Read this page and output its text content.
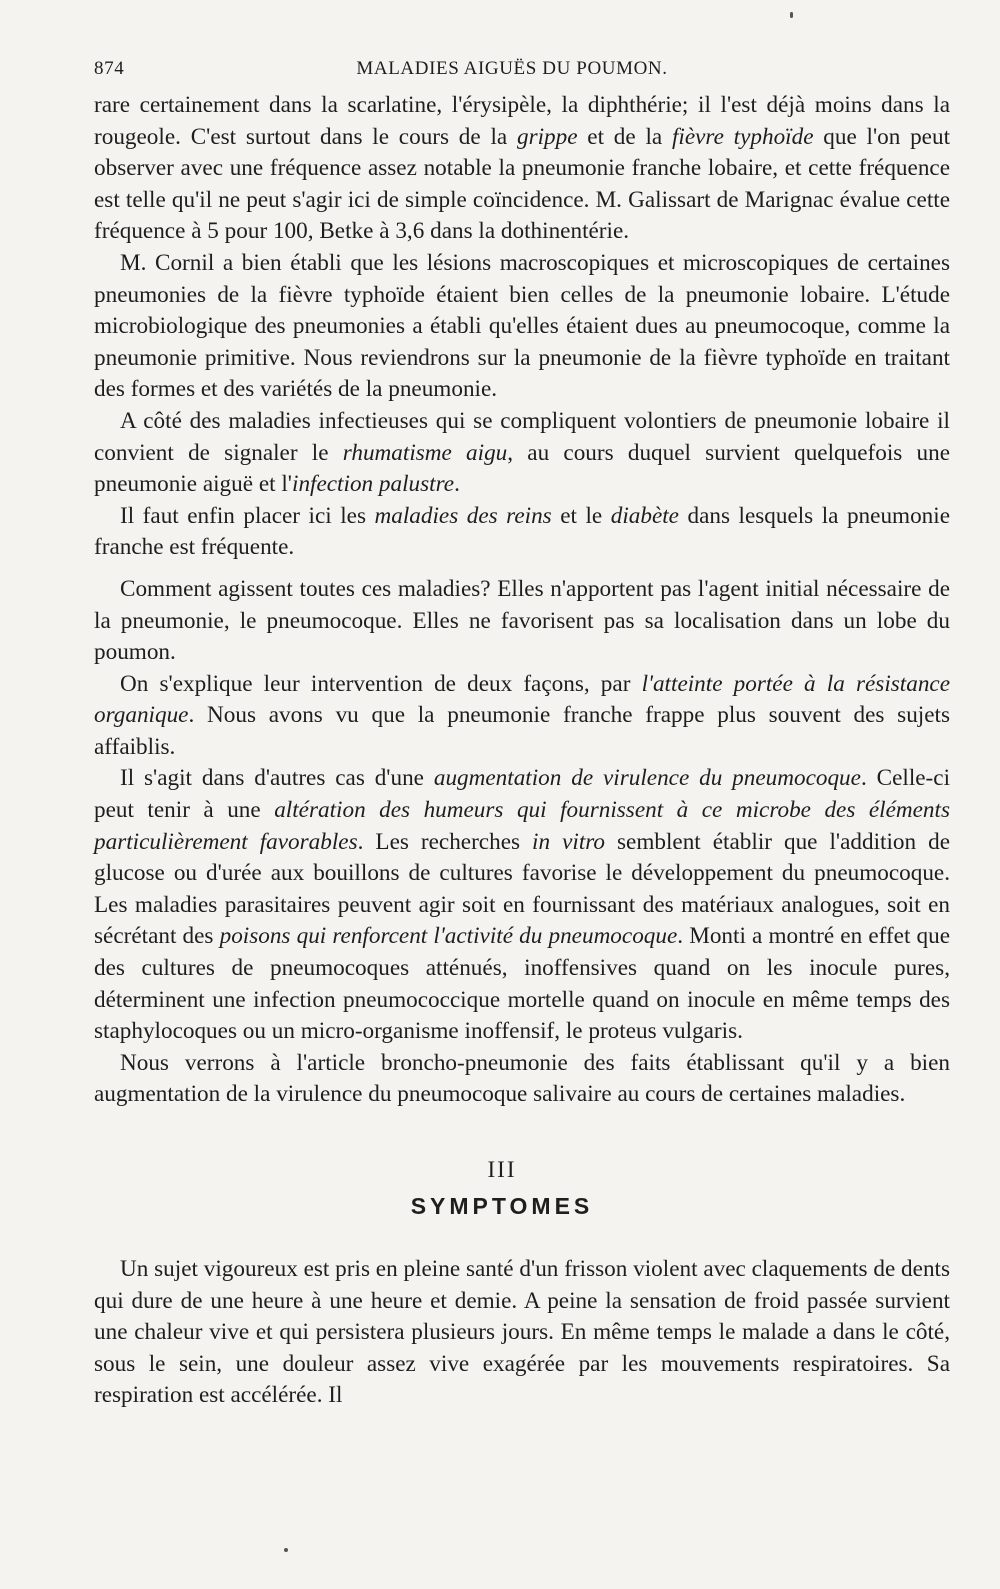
874	MALADIES AIGUËS DU POUMON.

rare certainement dans la scarlatine, l'érysipèle, la diphthérie; il l'est déjà moins dans la rougeole. C'est surtout dans le cours de la grippe et de la fièvre typhoïde que l'on peut observer avec une fréquence assez notable la pneumonie franche lobaire, et cette fréquence est telle qu'il ne peut s'agir ici de simple coïncidence. M. Galissart de Marignac évalue cette fréquence à 5 pour 100, Betke à 3,6 dans la dothinentérie.

M. Cornil a bien établi que les lésions macroscopiques et microscopiques de certaines pneumonies de la fièvre typhoïde étaient bien celles de la pneumonie lobaire. L'étude microbiologique des pneumonies a établi qu'elles étaient dues au pneumocoque, comme la pneumonie primitive. Nous reviendrons sur la pneumonie de la fièvre typhoïde en traitant des formes et des variétés de la pneumonie.

A côté des maladies infectieuses qui se compliquent volontiers de pneumonie lobaire il convient de signaler le rhumatisme aigu, au cours duquel survient quelquefois une pneumonie aiguë et l'infection palustre.

Il faut enfin placer ici les maladies des reins et le diabète dans lesquels la pneumonie franche est fréquente.

Comment agissent toutes ces maladies? Elles n'apportent pas l'agent initial nécessaire de la pneumonie, le pneumocoque. Elles ne favorisent pas sa localisation dans un lobe du poumon.

On s'explique leur intervention de deux façons, par l'atteinte portée à la résistance organique. Nous avons vu que la pneumonie franche frappe plus souvent des sujets affaiblis.

Il s'agit dans d'autres cas d'une augmentation de virulence du pneumocoque. Celle-ci peut tenir à une altération des humeurs qui fournissent à ce microbe des éléments particulièrement favorables. Les recherches in vitro semblent établir que l'addition de glucose ou d'urée aux bouillons de cultures favorise le développement du pneumocoque. Les maladies parasitaires peuvent agir soit en fournissant des matériaux analogues, soit en sécrétant des poisons qui renforcent l'activité du pneumocoque. Monti a montré en effet que des cultures de pneumocoques atténués, inoffensives quand on les inocule pures, déterminent une infection pneumococcique mortelle quand on inocule en même temps des staphylocoques ou un micro-organisme inoffensif, le proteus vulgaris.

Nous verrons à l'article broncho-pneumonie des faits établissant qu'il y a bien augmentation de la virulence du pneumocoque salivaire au cours de certaines maladies.

III
SYMPTOMES

Un sujet vigoureux est pris en pleine santé d'un frisson violent avec claquements de dents qui dure de une heure à une heure et demie. A peine la sensation de froid passée survient une chaleur vive et qui persistera plusieurs jours. En même temps le malade a dans le côté, sous le sein, une douleur assez vive exagérée par les mouvements respiratoires. Sa respiration est accélérée. Il
